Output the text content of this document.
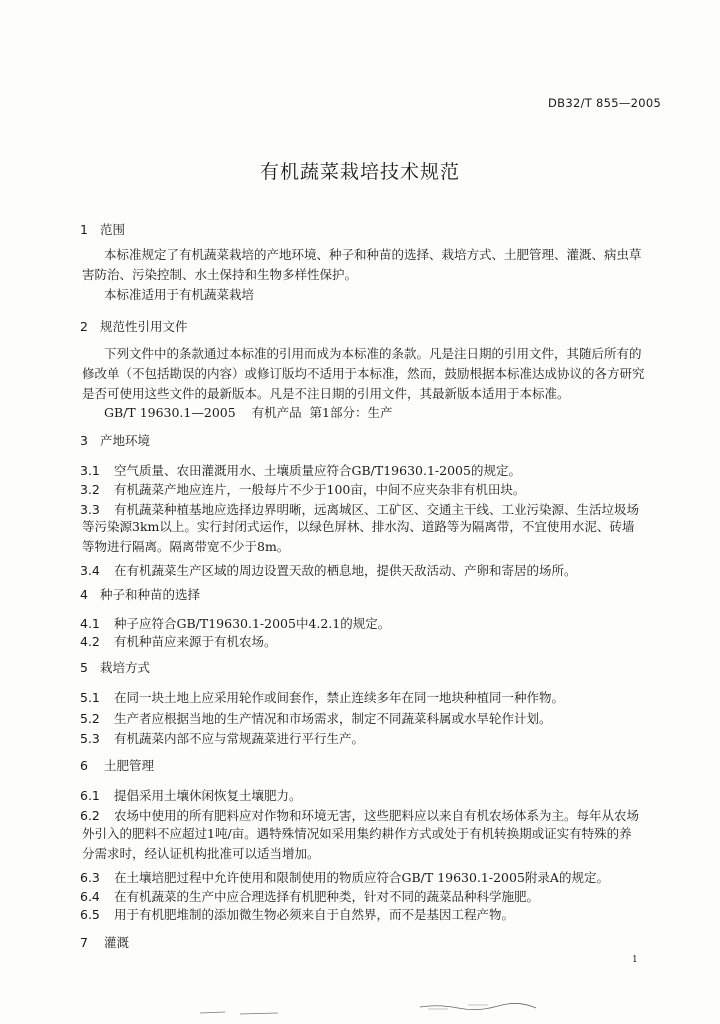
DB32/T 855—2005
有机蔬菜栽培技术规范
1 范围
本标准规定了有机蔬菜栽培的产地环境、种子和种苗的选择、栽培方式、土肥管理、灌溉、病虫草
害防治、污染控制、水土保持和生物多样性保护。
本标准适用于有机蔬菜栽培
2 规范性引用文件
下列文件中的条款通过本标准的引用而成为本标准的条款。凡是注日期的引用文件，其随后所有的
修改单（不包括勘误的内容）或修订版均不适用于本标准，然而，鼓励根据本标准达成协议的各方研究
是否可使用这些文件的最新版本。凡是不注日期的引用文件，其最新版本适用于本标准。
GB/T 19630.1—2005    有机产品  第1部分：生产
3 产地环境
3.1 空气质量、农田灌溉用水、土壤质量应符合GB/T19630.1-2005的规定。
3.2 有机蔬菜产地应连片，一般每片不少于100亩，中间不应夹杂非有机田块。
3.3 有机蔬菜种植基地应选择边界明晰，远离城区、工矿区、交通主干线、工业污染源、生活垃圾场
等污染源3km以上。实行封闭式运作，以绿色屏林、排水沟、道路等为隔离带，不宜使用水泥、砖墙
等物进行隔离。隔离带宽不少于8m。
3.4 在有机蔬菜生产区域的周边设置天敌的栖息地，提供天敌活动、产卵和寄居的场所。
4 种子和种苗的选择
4.1 种子应符合GB/T19630.1-2005中4.2.1的规定。
4.2 有机种苗应来源于有机农场。
5 栽培方式
5.1 在同一块土地上应采用轮作或间套作，禁止连续多年在同一地块种植同一种作物。
5.2 生产者应根据当地的生产情况和市场需求，制定不同蔬菜科属或水旱轮作计划。
5.3 有机蔬菜内部不应与常规蔬菜进行平行生产。
6 土肥管理
6.1 提倡采用土壤休闲恢复土壤肥力。
6.2 农场中使用的所有肥料应对作物和环境无害，这些肥料应以来自有机农场体系为主。每年从农场
外引入的肥料不应超过1吨/亩。遇特殊情况如采用集约耕作方式或处于有机转换期或证实有特殊的养
分需求时，经认证机构批准可以适当增加。
6.3 在土壤培肥过程中允许使用和限制使用的物质应符合GB/T 19630.1-2005附录A的规定。
6.4 在有机蔬菜的生产中应合理选择有机肥种类，针对不同的蔬菜品种科学施肥。
6.5 用于有机肥堆制的添加微生物必须来自于自然界，而不是基因工程产物。
7 灌溉
1
